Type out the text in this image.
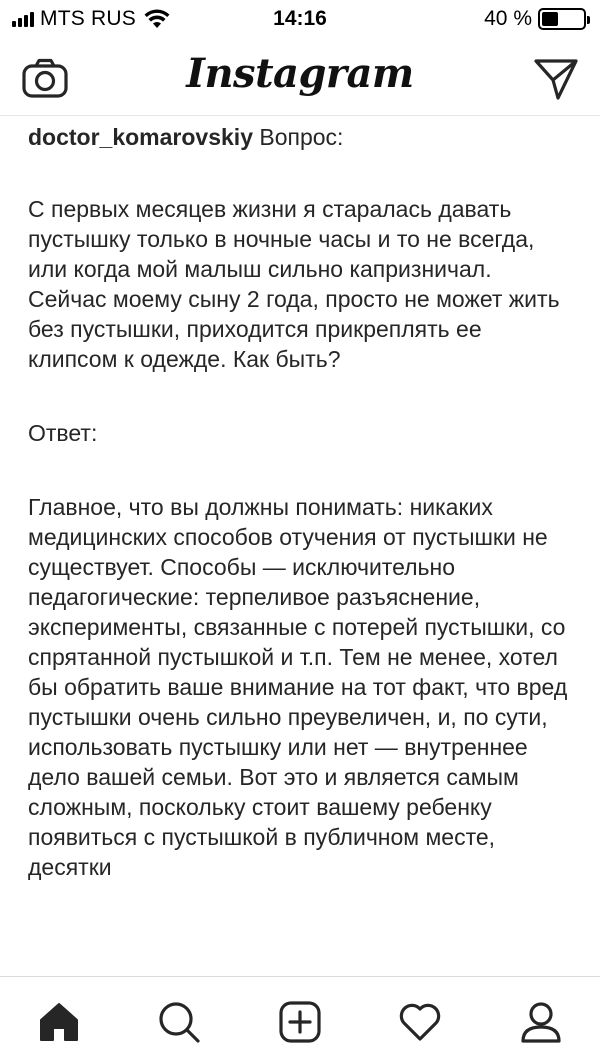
MTS RUS	14:16	40 %
Instagram
doctor_komarovskiy Вопрос:

С первых месяцев жизни я старалась давать пустышку только в ночные часы и то не всегда, или когда мой малыш сильно капризничал. Сейчас моему сыну 2 года, просто не может жить без пустышки, приходится прикреплять ее клипсом к одежде. Как быть?

Ответ:

Главное, что вы должны понимать: никаких медицинских способов отучения от пустышки не существует. Способы — исключительно педагогические: терпеливое разъяснение, эксперименты, связанные с потерей пустышки, со спрятанной пустышкой и т.п. Тем не менее, хотел бы обратить ваше внимание на тот факт, что вред пустышки очень сильно преувеличен, и, по сути, использовать пустышку или нет — внутреннее дело вашей семьи. Вот это и является самым сложным, поскольку стоит вашему ребенку появиться с пустышкой в публичном месте, десятки
